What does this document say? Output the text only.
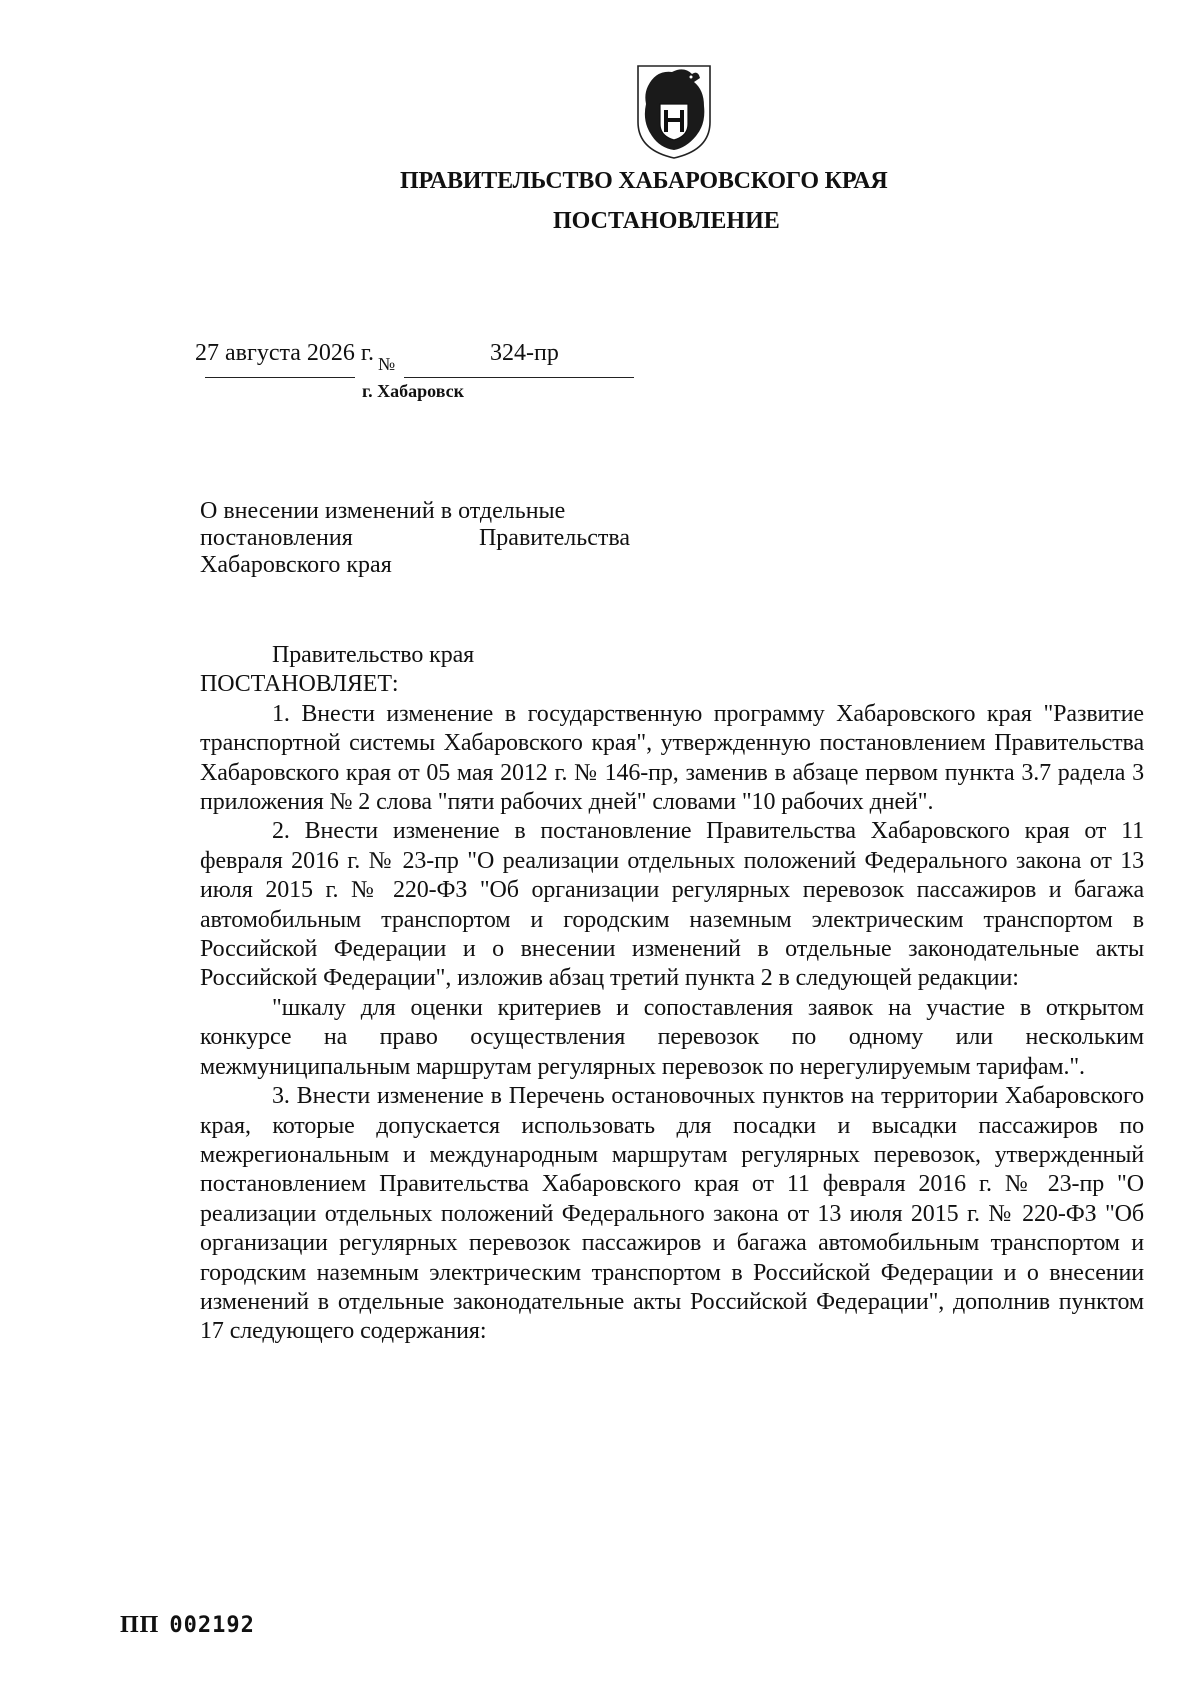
ПРАВИТЕЛЬСТВО ХАБАРОВСКОГО КРАЯ
ПОСТАНОВЛЕНИЕ
27 августа 2026 г. №	324-пр
г. Хабаровск
О внесении изменений в отдельные
постановления	Правительства
Хабаровского края

Правительство края

ПОСТАНОВЛЯЕТ:

1. Внести изменение в государственную программу Хабаровского края "Развитие транспортной системы Хабаровского края", утвержденную постановлением Правительства Хабаровского края от 05 мая 2012 г. № 146-пр, заменив в абзаце первом пункта 3.7 радела 3 приложения № 2 слова "пяти рабочих дней" словами "10 рабочих дней".

2. Внести изменение в постановление Правительства Хабаровского края от 11 февраля 2016 г. № 23-пр "О реализации отдельных положений Федерального закона от 13 июля 2015 г. № 220-ФЗ "Об организации регулярных перевозок пассажиров и багажа автомобильным транспортом и городским наземным электрическим транспортом в Российской Федерации и о внесении изменений в отдельные законодательные акты Российской Федерации", изложив абзац третий пункта 2 в следующей редакции:

"шкалу для оценки критериев и сопоставления заявок на участие в открытом конкурсе на право осуществления перевозок по одному или нескольким межмуниципальным маршрутам регулярных перевозок по нерегулируемым тарифам.".

3. Внести изменение в Перечень остановочных пунктов на территории Хабаровского края, которые допускается использовать для посадки и высадки пассажиров по межрегиональным и международным маршрутам регулярных перевозок, утвержденный постановлением Правительства Хабаровского края от 11 февраля 2016 г. № 23-пр "О реализации отдельных положений Федерального закона от 13 июля 2015 г. № 220-ФЗ "Об организации регулярных перевозок пассажиров и багажа автомобильным транспортом и городским наземным электрическим транспортом в Российской Федерации и о внесении изменений в отдельные законодательные акты Российской Федерации", дополнив пунктом 17 следующего содержания:

ПП 002192
